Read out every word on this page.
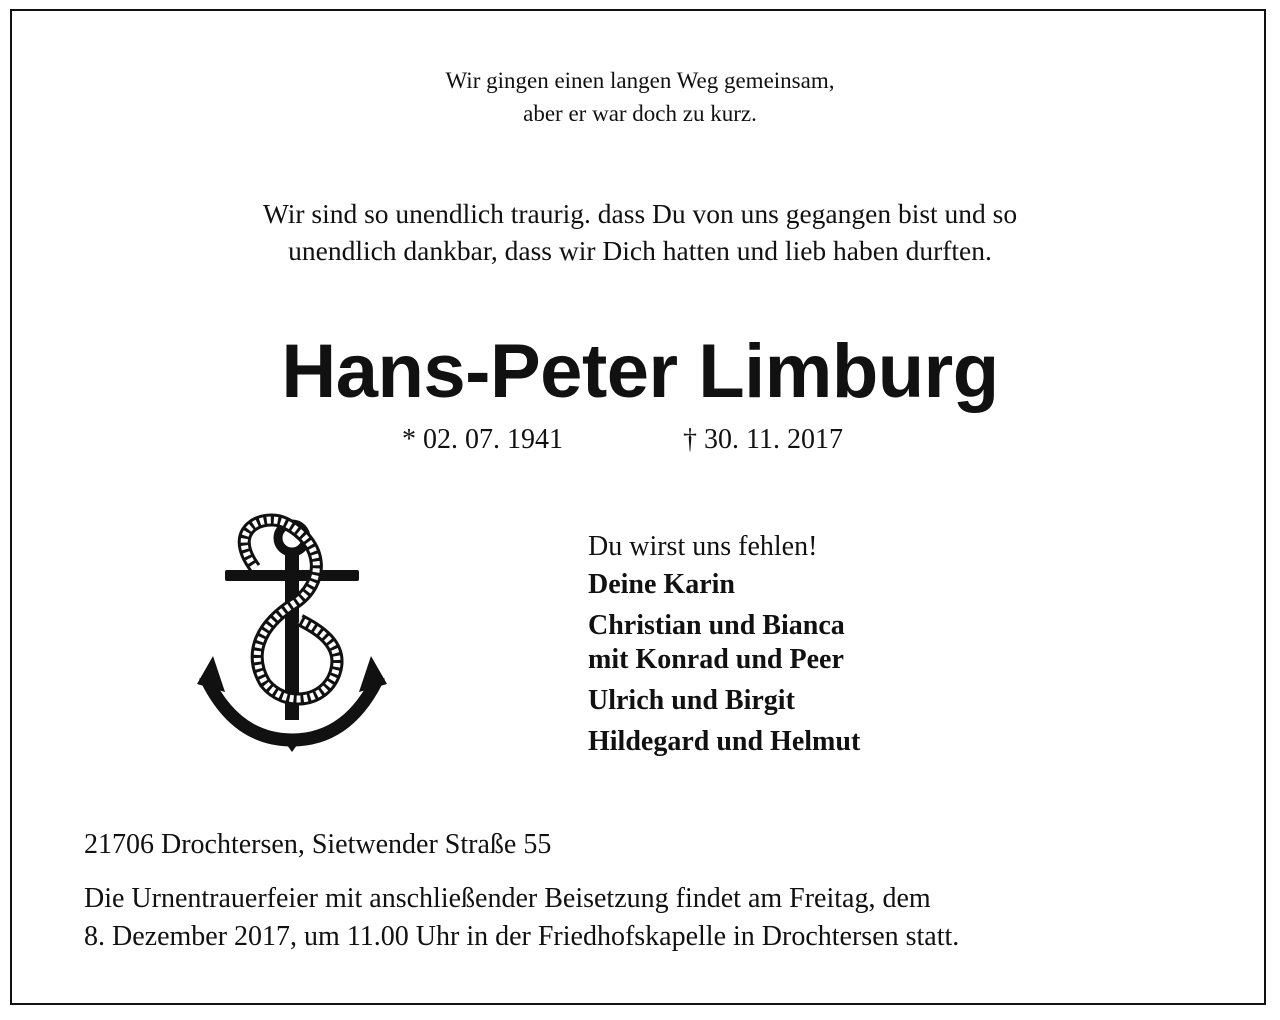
Wir gingen einen langen Weg gemeinsam,
aber er war doch zu kurz.
Wir sind so unendlich traurig. dass Du von uns gegangen bist und so
unendlich dankbar, dass wir Dich hatten und lieb haben durften.
Hans-Peter Limburg
* 02. 07. 1941	† 30. 11. 2017
Du wirst uns fehlen!
Deine Karin
Christian und Bianca
mit Konrad und Peer
Ulrich und Birgit
Hildegard und Helmut
21706 Drochtersen, Sietwender Straße 55
Die Urnentrauerfeier mit anschließender Beisetzung findet am Freitag, dem
8. Dezember 2017, um 11.00 Uhr in der Friedhofskapelle in Drochtersen statt.
